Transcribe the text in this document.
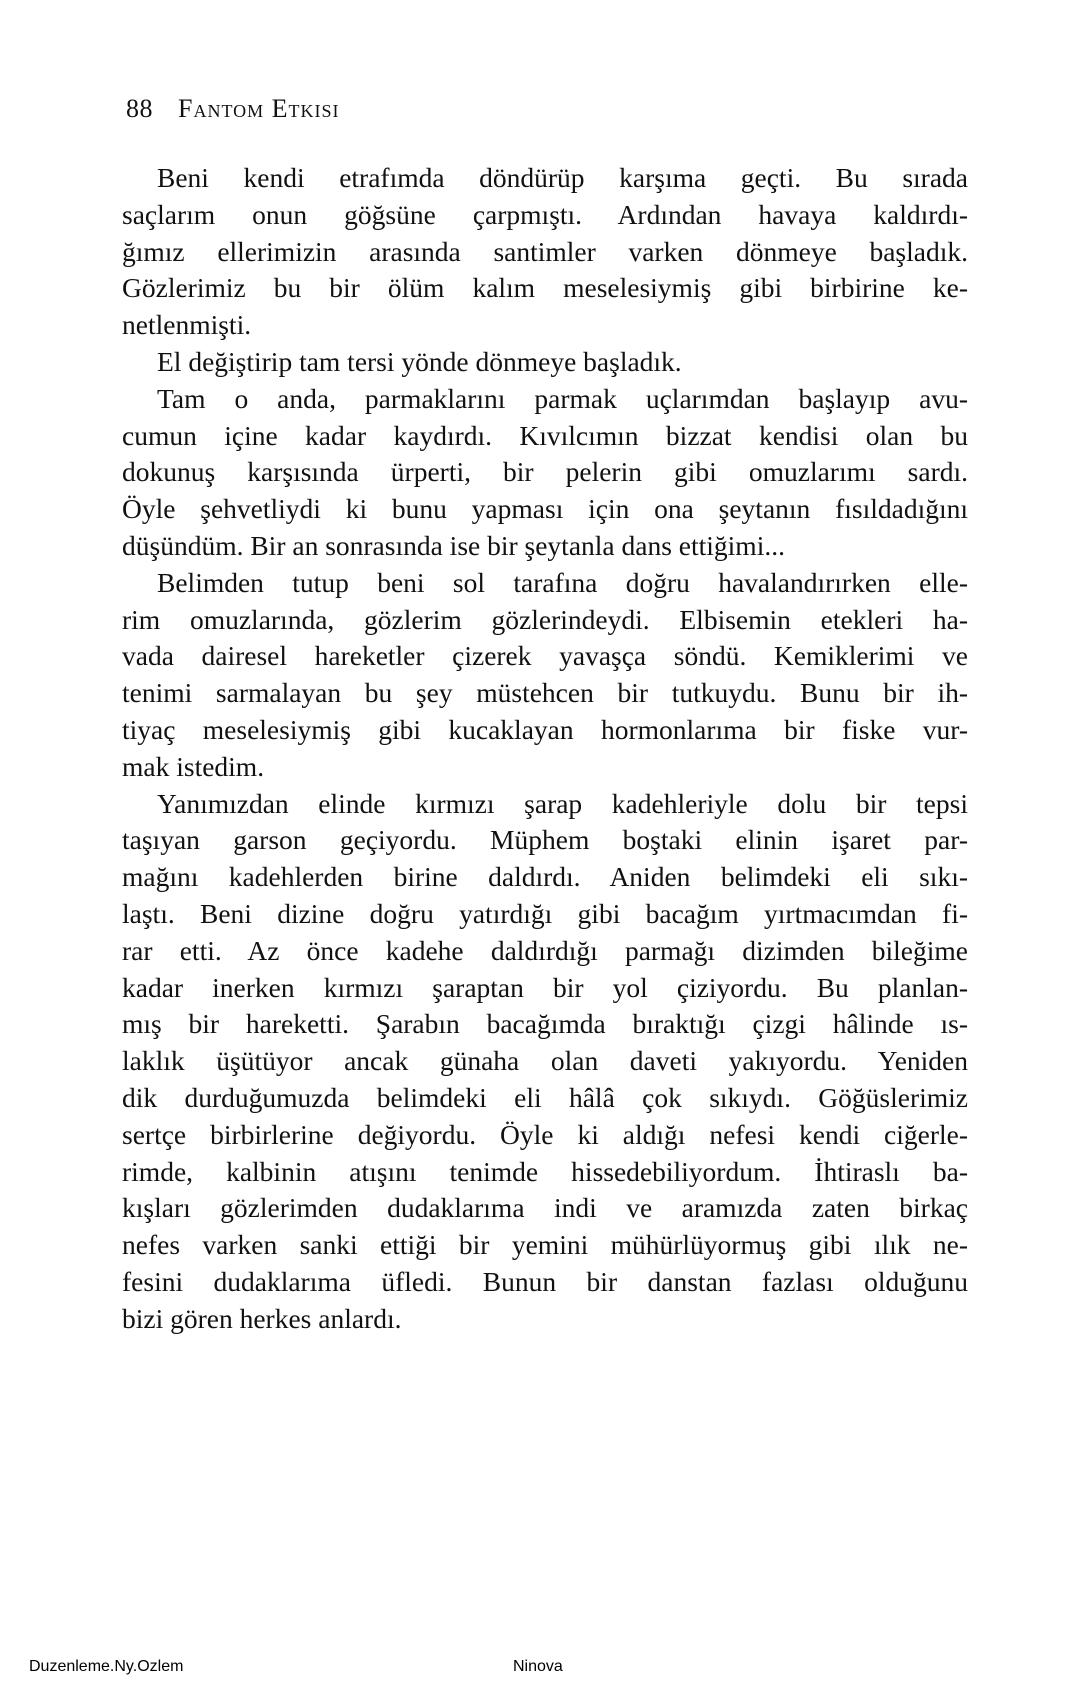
88 Fantom Etkisi
Beni kendi etrafımda döndürüp karşıma geçti. Bu sırada
saçlarım onun göğsüne çarpmıştı. Ardından havaya kaldırdı-
ğımız ellerimizin arasında santimler varken dönmeye başladık.
Gözlerimiz bu bir ölüm kalım meselesiymiş gibi birbirine ke-
netlenmişti.
El değiştirip tam tersi yönde dönmeye başladık.
Tam o anda, parmaklarını parmak uçlarımdan başlayıp avu-
cumun içine kadar kaydırdı. Kıvılcımın bizzat kendisi olan bu
dokunuş karşısında ürperti, bir pelerin gibi omuzlarımı sardı.
Öyle şehvetliydi ki bunu yapması için ona şeytanın fısıldadığını
düşündüm. Bir an sonrasında ise bir şeytanla dans ettiğimi...
Belimden tutup beni sol tarafına doğru havalandırırken elle-
rim omuzlarında, gözlerim gözlerindeydi. Elbisemin etekleri ha-
vada dairesel hareketler çizerek yavaşça söndü. Kemiklerimi ve
tenimi sarmalayan bu şey müstehcen bir tutkuydu. Bunu bir ih-
tiyaç meselesiymiş gibi kucaklayan hormonlarıma bir fiske vur-
mak istedim.
Yanımızdan elinde kırmızı şarap kadehleriyle dolu bir tepsi
taşıyan garson geçiyordu. Müphem boştaki elinin işaret par-
mağını kadehlerden birine daldırdı. Aniden belimdeki eli sıkı-
laştı. Beni dizine doğru yatırdığı gibi bacağım yırtmacımdan fi-
rar etti. Az önce kadehe daldırdığı parmağı dizimden bileğime
kadar inerken kırmızı şaraptan bir yol çiziyordu. Bu planlan-
mış bir hareketti. Şarabın bacağımda bıraktığı çizgi hâlinde ıs-
laklık üşütüyor ancak günaha olan daveti yakıyordu. Yeniden
dik durduğumuzda belimdeki eli hâlâ çok sıkıydı. Göğüslerimiz
sertçe birbirlerine değiyordu. Öyle ki aldığı nefesi kendi ciğerle-
rimde, kalbinin atışını tenimde hissedebiliyordum. İhtiraslı ba-
kışları gözlerimden dudaklarıma indi ve aramızda zaten birkaç
nefes varken sanki ettiği bir yemini mühürlüyormuş gibi ılık ne-
fesini dudaklarıma üfledi. Bunun bir danstan fazlası olduğunu
bizi gören herkes anlardı.
Duzenleme.Ny.Ozlem	Ninova
